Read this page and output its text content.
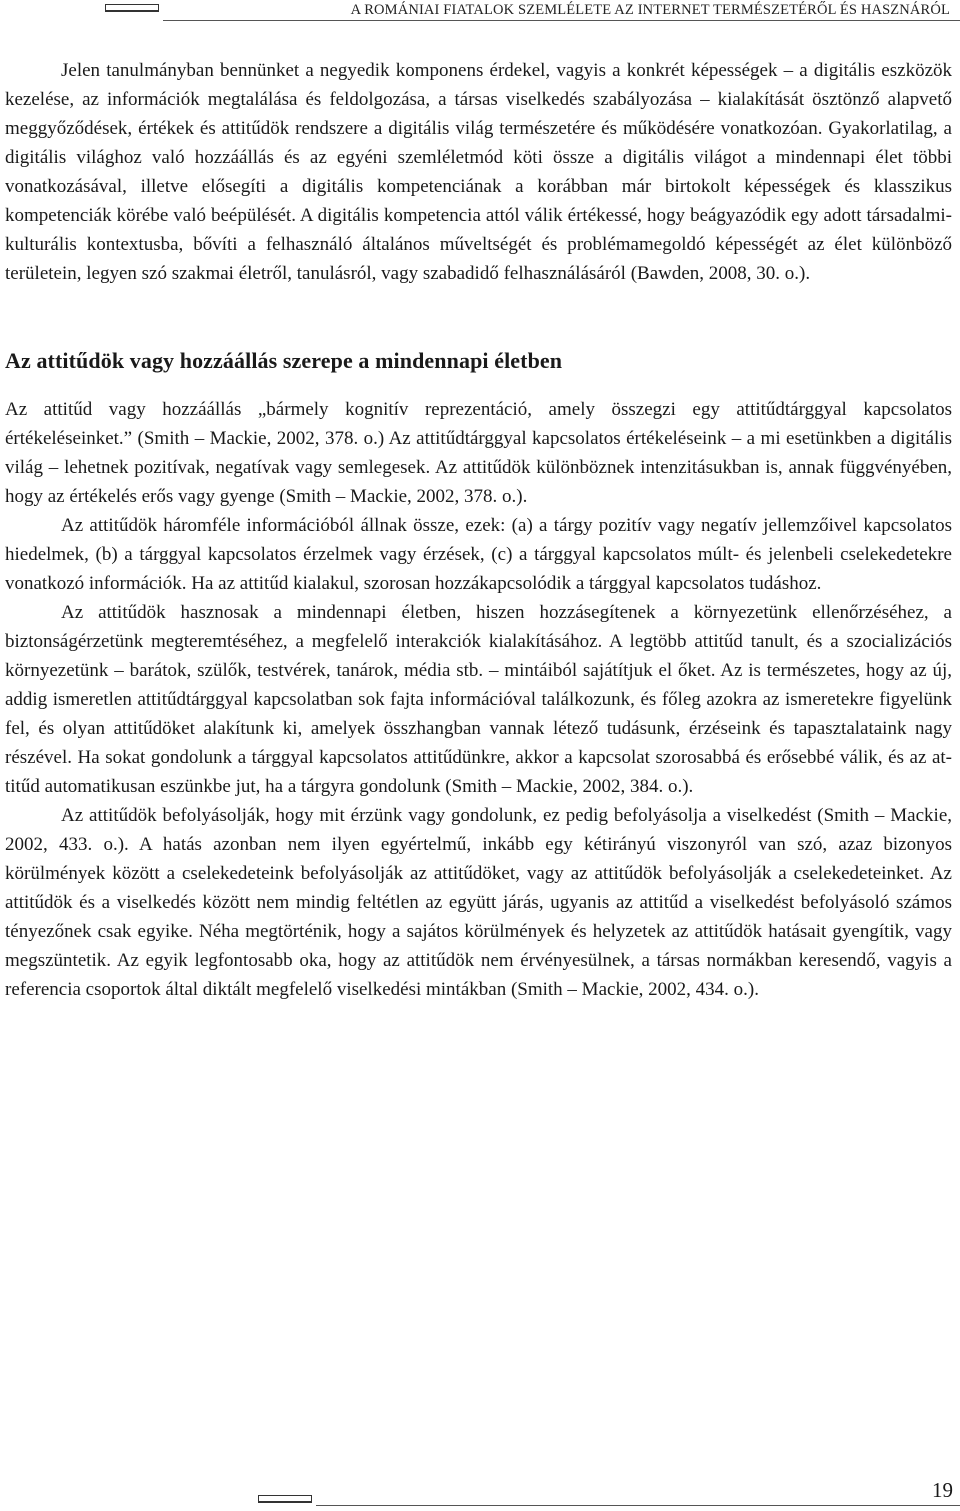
A ROMÁNIAI FIATALOK SZEMLÉLETE AZ INTERNET TERMÉSZETÉRŐL ÉS HASZNÁRÓL

Jelen tanulmányban bennünket a negyedik komponens érdekel, vagyis a konkrét képességek – a digitális eszközök kezelése, az információk megtalálása és feldolgozása, a társas viselkedés szabályozása – kialakítását ösztönző alapvető meggyőződések, értékek és attitűdök rendszere a digitális világ természetére és működésére vonatkozóan. Gyakorlatilag, a digitális világhoz való hozzáállás és az egyéni szemléletmód köti össze a digitális világot a mindennapi élet többi vonatkozásával, illetve elősegíti a digitális kompetenciának a korábban már birtokolt képességek és klasszikus kompetenciák körébe való beépülését. A digitális kompetencia attól válik értékessé, hogy beágyazódik egy adott társadalmikulturális kontextusba, bővíti a felhasználó általános műveltségét és problémamegoldó képességét az élet különböző területein, legyen szó szakmai életről, tanulásról, vagy szabadidő felhasználásáról (Bawden, 2008, 30. o.).

Az attitűdök vagy hozzáállás szerepe a mindennapi életben

Az attitűd vagy hozzáállás „bármely kognitív reprezentáció, amely összegzi egy attitűdtárggyal kapcsolatos értékeléseinket.” (Smith – Mackie, 2002, 378. o.) Az attitűdtárggyal kapcsolatos értékeléseink – a mi esetünkben a digitális világ – lehetnek pozitívak, negatívak vagy semlegesek. Az attitűdök különböznek intenzitásukban is, annak függvényében, hogy az értékelés erős vagy gyenge (Smith – Mackie, 2002, 378. o.).

Az attitűdök háromféle információból állnak össze, ezek: (a) a tárgy pozitív vagy negatív jellemzőivel kapcsolatos hiedelmek, (b) a tárggyal kapcsolatos érzelmek vagy érzések, (c) a tárggyal kapcsolatos múlt- és jelenbeli cselekedetekre vonatkozó információk. Ha az attitűd kialakul, szorosan hozzákapcsolódik a tárggyal kapcsolatos tudáshoz.

Az attitűdök hasznosak a mindennapi életben, hiszen hozzásegítenek a környezetünk ellenőrzéséhez, a biztonságérzetünk megteremtéséhez, a megfelelő interakciók kialakításához. A legtöbb attitűd tanult, és a szocializációs környezetünk – barátok, szülők, testvérek, tanárok, média stb. – mintáiból sajátítjuk el őket. Az is természetes, hogy az új, addig ismeretlen attitűdtárggyal kapcsolatban sok fajta információval találkozunk, és főleg azokra az ismeretekre figyelünk fel, és olyan attitűdöket alakítunk ki, amelyek összhangban vannak létező tudásunk, érzéseink és tapasztalataink nagy részével. Ha sokat gondolunk a tárggyal kapcsolatos attitűdünkre, akkor a kapcsolat szorosabbá és erősebbé válik, és az attitűd automatikusan eszünkbe jut, ha a tárgyra gondolunk (Smith – Mackie, 2002, 384. o.).

Az attitűdök befolyásolják, hogy mit érzünk vagy gondolunk, ez pedig befolyásolja a viselkedést (Smith – Mackie, 2002, 433. o.). A hatás azonban nem ilyen egyértelmű, inkább egy kétirányú viszonyról van szó, azaz bizonyos körülmények között a cselekedeteink befolyásolják az attitűdöket, vagy az attitűdök befolyásolják a cselekedeteinket. Az attitűdök és a viselkedés között nem mindig feltétlen az együtt járás, ugyanis az attitűd a viselkedést befolyásoló számos tényezőnek csak egyike. Néha megtörténik, hogy a sajátos körülmények és helyzetek az attitűdök hatásait gyengítik, vagy megszüntetik. Az egyik legfontosabb oka, hogy az attitűdök nem érvényesülnek, a társas normákban keresendő, vagyis a referencia csoportok által diktált megfelelő viselkedési mintákban (Smith – Mackie, 2002, 434. o.).

19
